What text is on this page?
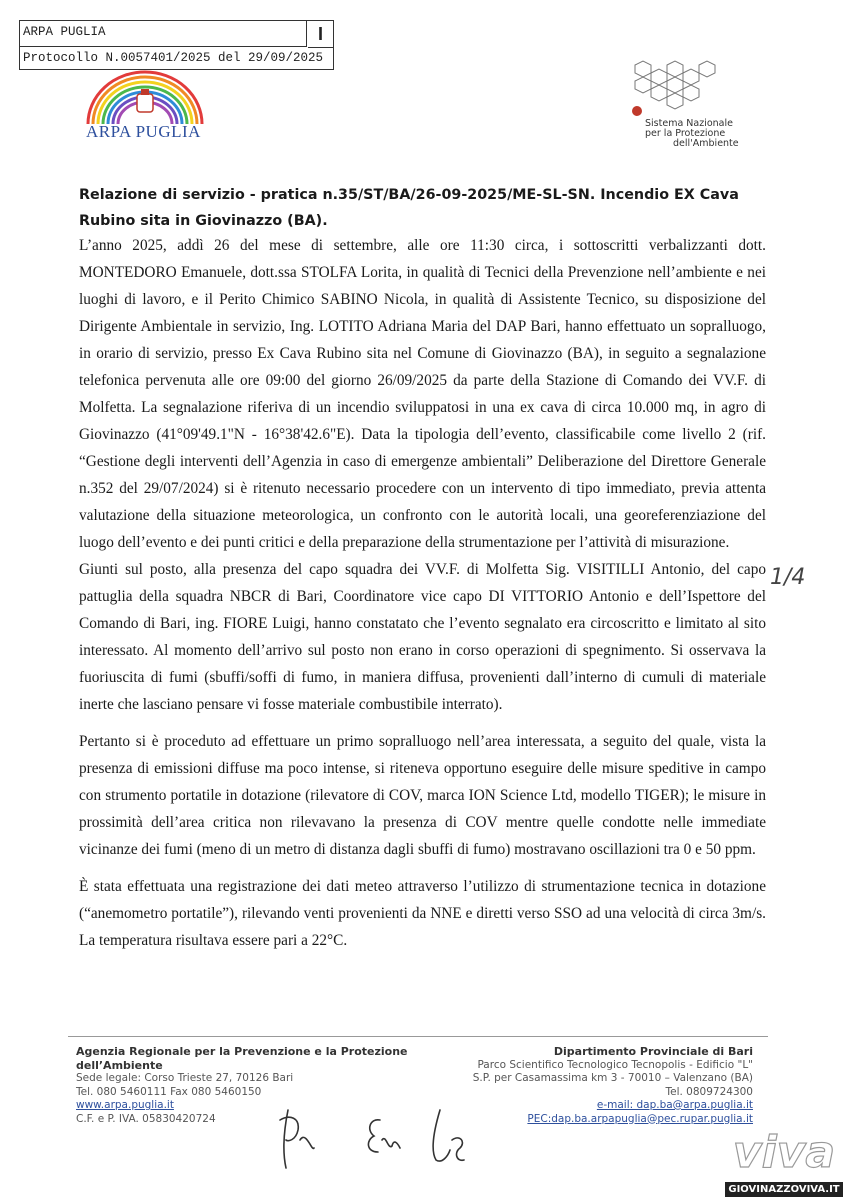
ARPA PUGLIA	I
Protocollo N.0057401/2025 del 29/09/2025
ARPA PUGLIA	Sistema Nazionale
per la Protezione
dell'Ambiente
Relazione di servizio - pratica n.35/ST/BA/26-09-2025/ME-SL-SN. Incendio EX Cava Rubino sita in Giovinazzo (BA).

L’anno 2025, addì 26 del mese di settembre, alle ore 11:30 circa, i sottoscritti verbalizzanti dott. MONTEDORO Emanuele, dott.ssa STOLFA Lorita, in qualità di Tecnici della Prevenzione nell’ambiente e nei luoghi di lavoro, e il Perito Chimico SABINO Nicola, in qualità di Assistente Tecnico, su disposizione del Dirigente Ambientale in servizio, Ing. LOTITO Adriana Maria del DAP Bari, hanno effettuato un sopralluogo, in orario di servizio, presso Ex Cava Rubino sita nel Comune di Giovinazzo (BA), in seguito a segnalazione telefonica pervenuta alle ore 09:00 del giorno 26/09/2025 da parte della Stazione di Comando dei VV.F. di Molfetta. La segnalazione riferiva di un incendio sviluppatosi in una ex cava di circa 10.000 mq, in agro di Giovinazzo (41°09'49.1"N - 16°38'42.6"E). Data la tipologia dell’evento, classificabile come livello 2 (rif. “Gestione degli interventi dell’Agenzia in caso di emergenze ambientali” Deliberazione del Direttore Generale n.352 del 29/07/2024) si è ritenuto necessario procedere con un intervento di tipo immediato, previa attenta valutazione della situazione meteorologica, un confronto con le autorità locali, una georeferenziazione del luogo dell’evento e dei punti critici e della preparazione della strumentazione per l’attività di misurazione.

Giunti sul posto, alla presenza del capo squadra dei VV.F. di Molfetta Sig. VISITILLI Antonio, del capo pattuglia della squadra NBCR di Bari, Coordinatore vice capo DI VITTORIO Antonio e dell’Ispettore del Comando di Bari, ing. FIORE Luigi, hanno constatato che l’evento segnalato era circoscritto e limitato al sito interessato. Al momento dell’arrivo sul posto non erano in corso operazioni di spegnimento. Si osservava la fuoriuscita di fumi (sbuffi/soffi di fumo, in maniera diffusa, provenienti dall’interno di cumuli di materiale inerte che lasciano pensare vi fosse materiale combustibile interrato).

Pertanto si è proceduto ad effettuare un primo sopralluogo nell’area interessata, a seguito del quale, vista la presenza di emissioni diffuse ma poco intense, si riteneva opportuno eseguire delle misure speditive in campo con strumento portatile in dotazione (rilevatore di COV, marca ION Science Ltd, modello TIGER); le misure in prossimità dell’area critica non rilevavano la presenza di COV mentre quelle condotte nelle immediate vicinanze dei fumi (meno di un metro di distanza dagli sbuffi di fumo) mostravano oscillazioni tra 0 e 50 ppm.

È stata effettuata una registrazione dei dati meteo attraverso l’utilizzo di strumentazione tecnica in dotazione (“anemometro portatile”), rilevando venti provenienti da NNE e diretti verso SSO ad una velocità di circa 3m/s. La temperatura risultava essere pari a 22°C.

1/4
Agenzia Regionale per la Prevenzione e la Protezione dell’Ambiente
Sede legale: Corso Trieste 27, 70126 Bari
Tel. 080 5460111 Fax 080 5460150
www.arpa.puglia.it
C.F. e P. IVA. 05830420724
Dipartimento Provinciale di Bari
Parco Scientifico Tecnologico Tecnopolis - Edificio "L"
S.P. per Casamassima km 3 - 70010 – Valenzano (BA)
Tel. 0809724300
e-mail: dap.ba@arpa.puglia.it
PEC:dap.ba.arpapuglia@pec.rupar.puglia.it
viva
GIOVINAZZOVIVA.IT
